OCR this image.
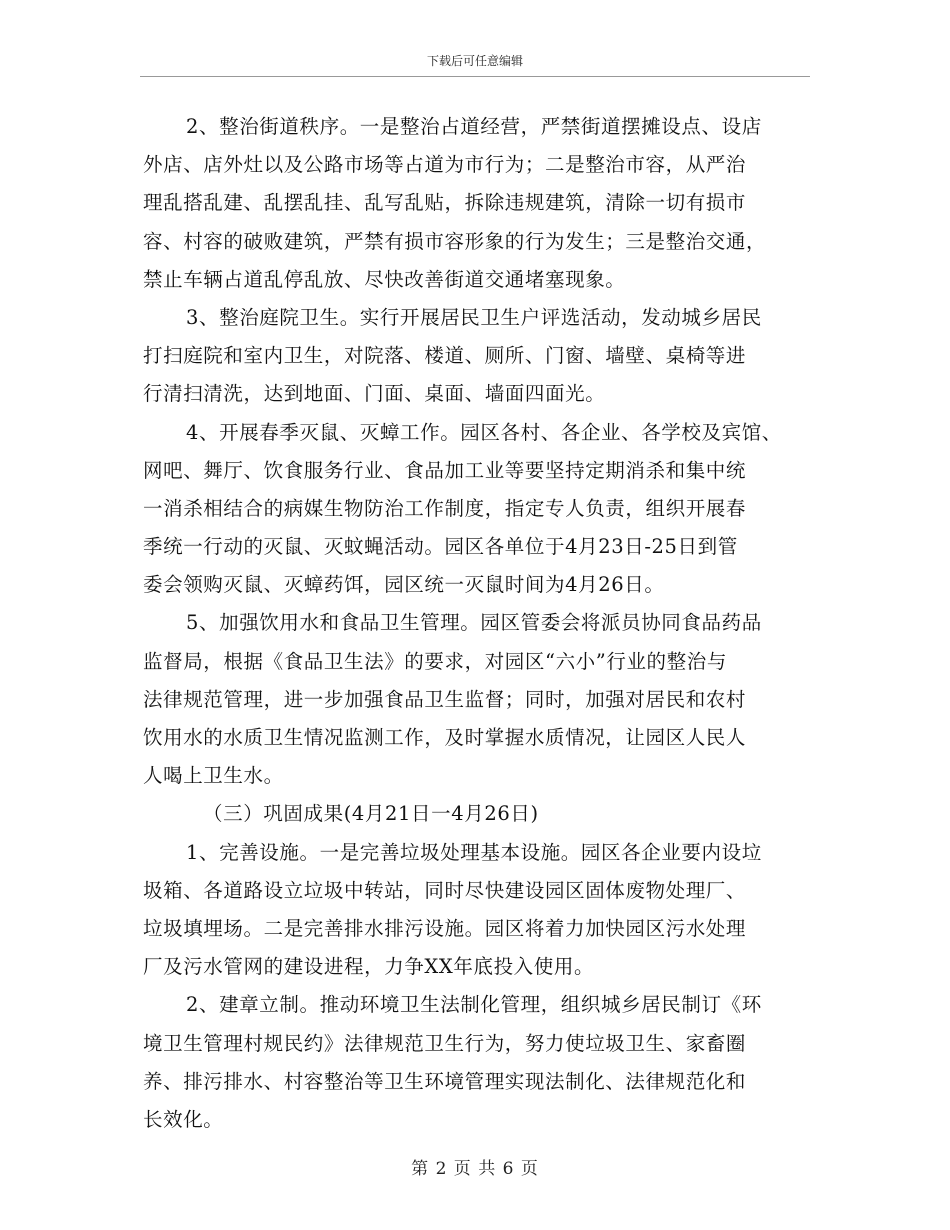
下载后可任意编辑
2、整治街道秩序。一是整治占道经营，严禁街道摆摊设点、设店
外店、店外灶以及公路市场等占道为市行为；二是整治市容，从严治
理乱搭乱建、乱摆乱挂、乱写乱贴，拆除违规建筑，清除一切有损市
容、村容的破败建筑，严禁有损市容形象的行为发生；三是整治交通，
禁止车辆占道乱停乱放、尽快改善街道交通堵塞现象。
3、整治庭院卫生。实行开展居民卫生户评选活动，发动城乡居民
打扫庭院和室内卫生，对院落、楼道、厕所、门窗、墙壁、桌椅等进
行清扫清洗，达到地面、门面、桌面、墙面四面光。
4、开展春季灭鼠、灭蟑工作。园区各村、各企业、各学校及宾馆、
网吧、舞厅、饮食服务行业、食品加工业等要坚持定期消杀和集中统
一消杀相结合的病媒生物防治工作制度，指定专人负责，组织开展春
季统一行动的灭鼠、灭蚊蝇活动。园区各单位于4月23日-25日到管
委会领购灭鼠、灭蟑药饵，园区统一灭鼠时间为4月26日。
5、加强饮用水和食品卫生管理。园区管委会将派员协同食品药品
监督局，根据《食品卫生法》的要求，对园区“六小”行业的整治与
法律规范管理，进一步加强食品卫生监督；同时，加强对居民和农村
饮用水的水质卫生情况监测工作，及时掌握水质情况，让园区人民人
人喝上卫生水。
（三）巩固成果(4月21日一4月26日)
1、完善设施。一是完善垃圾处理基本设施。园区各企业要内设垃
圾箱、各道路设立垃圾中转站，同时尽快建设园区固体废物处理厂、
垃圾填埋场。二是完善排水排污设施。园区将着力加快园区污水处理
厂及污水管网的建设进程，力争XX年底投入使用。
2、建章立制。推动环境卫生法制化管理，组织城乡居民制订《环
境卫生管理村规民约》法律规范卫生行为，努力使垃圾卫生、家畜圈
养、排污排水、村容整治等卫生环境管理实现法制化、法律规范化和
长效化。
第 2 页 共 6 页
